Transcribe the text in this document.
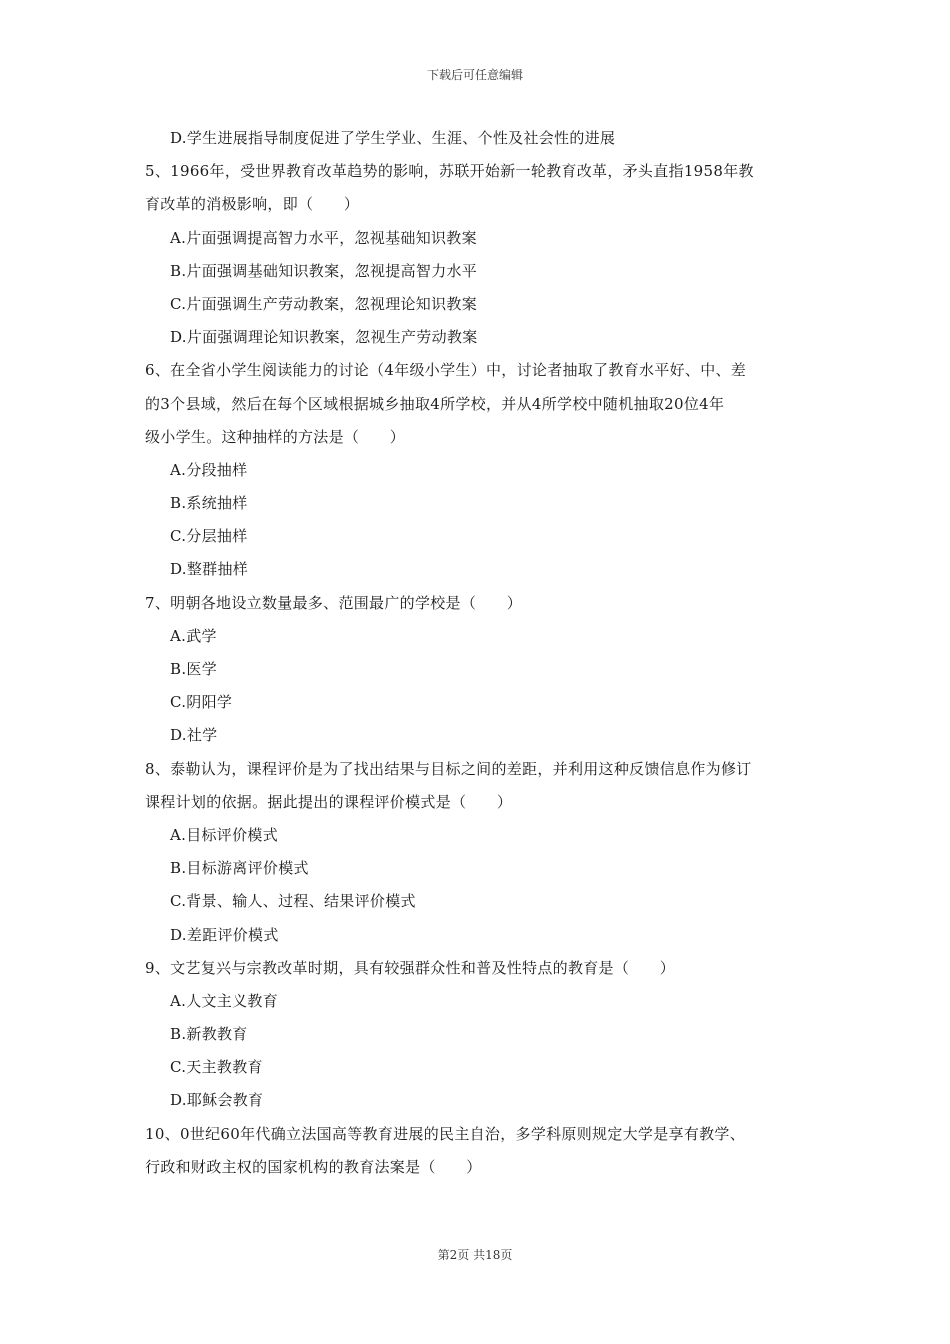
下载后可任意编辑
D.学生进展指导制度促进了学生学业、生涯、个性及社会性的进展
5、1966年，受世界教育改革趋势的影响，苏联开始新一轮教育改革，矛头直指1958年教
育改革的消极影响，即（　　）
A.片面强调提高智力水平，忽视基础知识教案
B.片面强调基础知识教案，忽视提高智力水平
C.片面强调生产劳动教案，忽视理论知识教案
D.片面强调理论知识教案，忽视生产劳动教案
6、在全省小学生阅读能力的讨论（4年级小学生）中，讨论者抽取了教育水平好、中、差
的3个县域，然后在每个区域根据城乡抽取4所学校，并从4所学校中随机抽取20位4年
级小学生。这种抽样的方法是（　　）
A.分段抽样
B.系统抽样
C.分层抽样
D.整群抽样
7、明朝各地设立数量最多、范围最广的学校是（　　）
A.武学
B.医学
C.阴阳学
D.社学
8、泰勒认为，课程评价是为了找出结果与目标之间的差距，并利用这种反馈信息作为修订
课程计划的依据。据此提出的课程评价模式是（　　）
A.目标评价模式
B.目标游离评价模式
C.背景、输人、过程、结果评价模式
D.差距评价模式
9、文艺复兴与宗教改革时期，具有较强群众性和普及性特点的教育是（　　）
A.人文主义教育
B.新教教育
C.天主教教育
D.耶稣会教育
10、0世纪60年代确立法国高等教育进展的民主自治，多学科原则规定大学是享有教学、
行政和财政主权的国家机构的教育法案是（　　）
第2页 共18页
